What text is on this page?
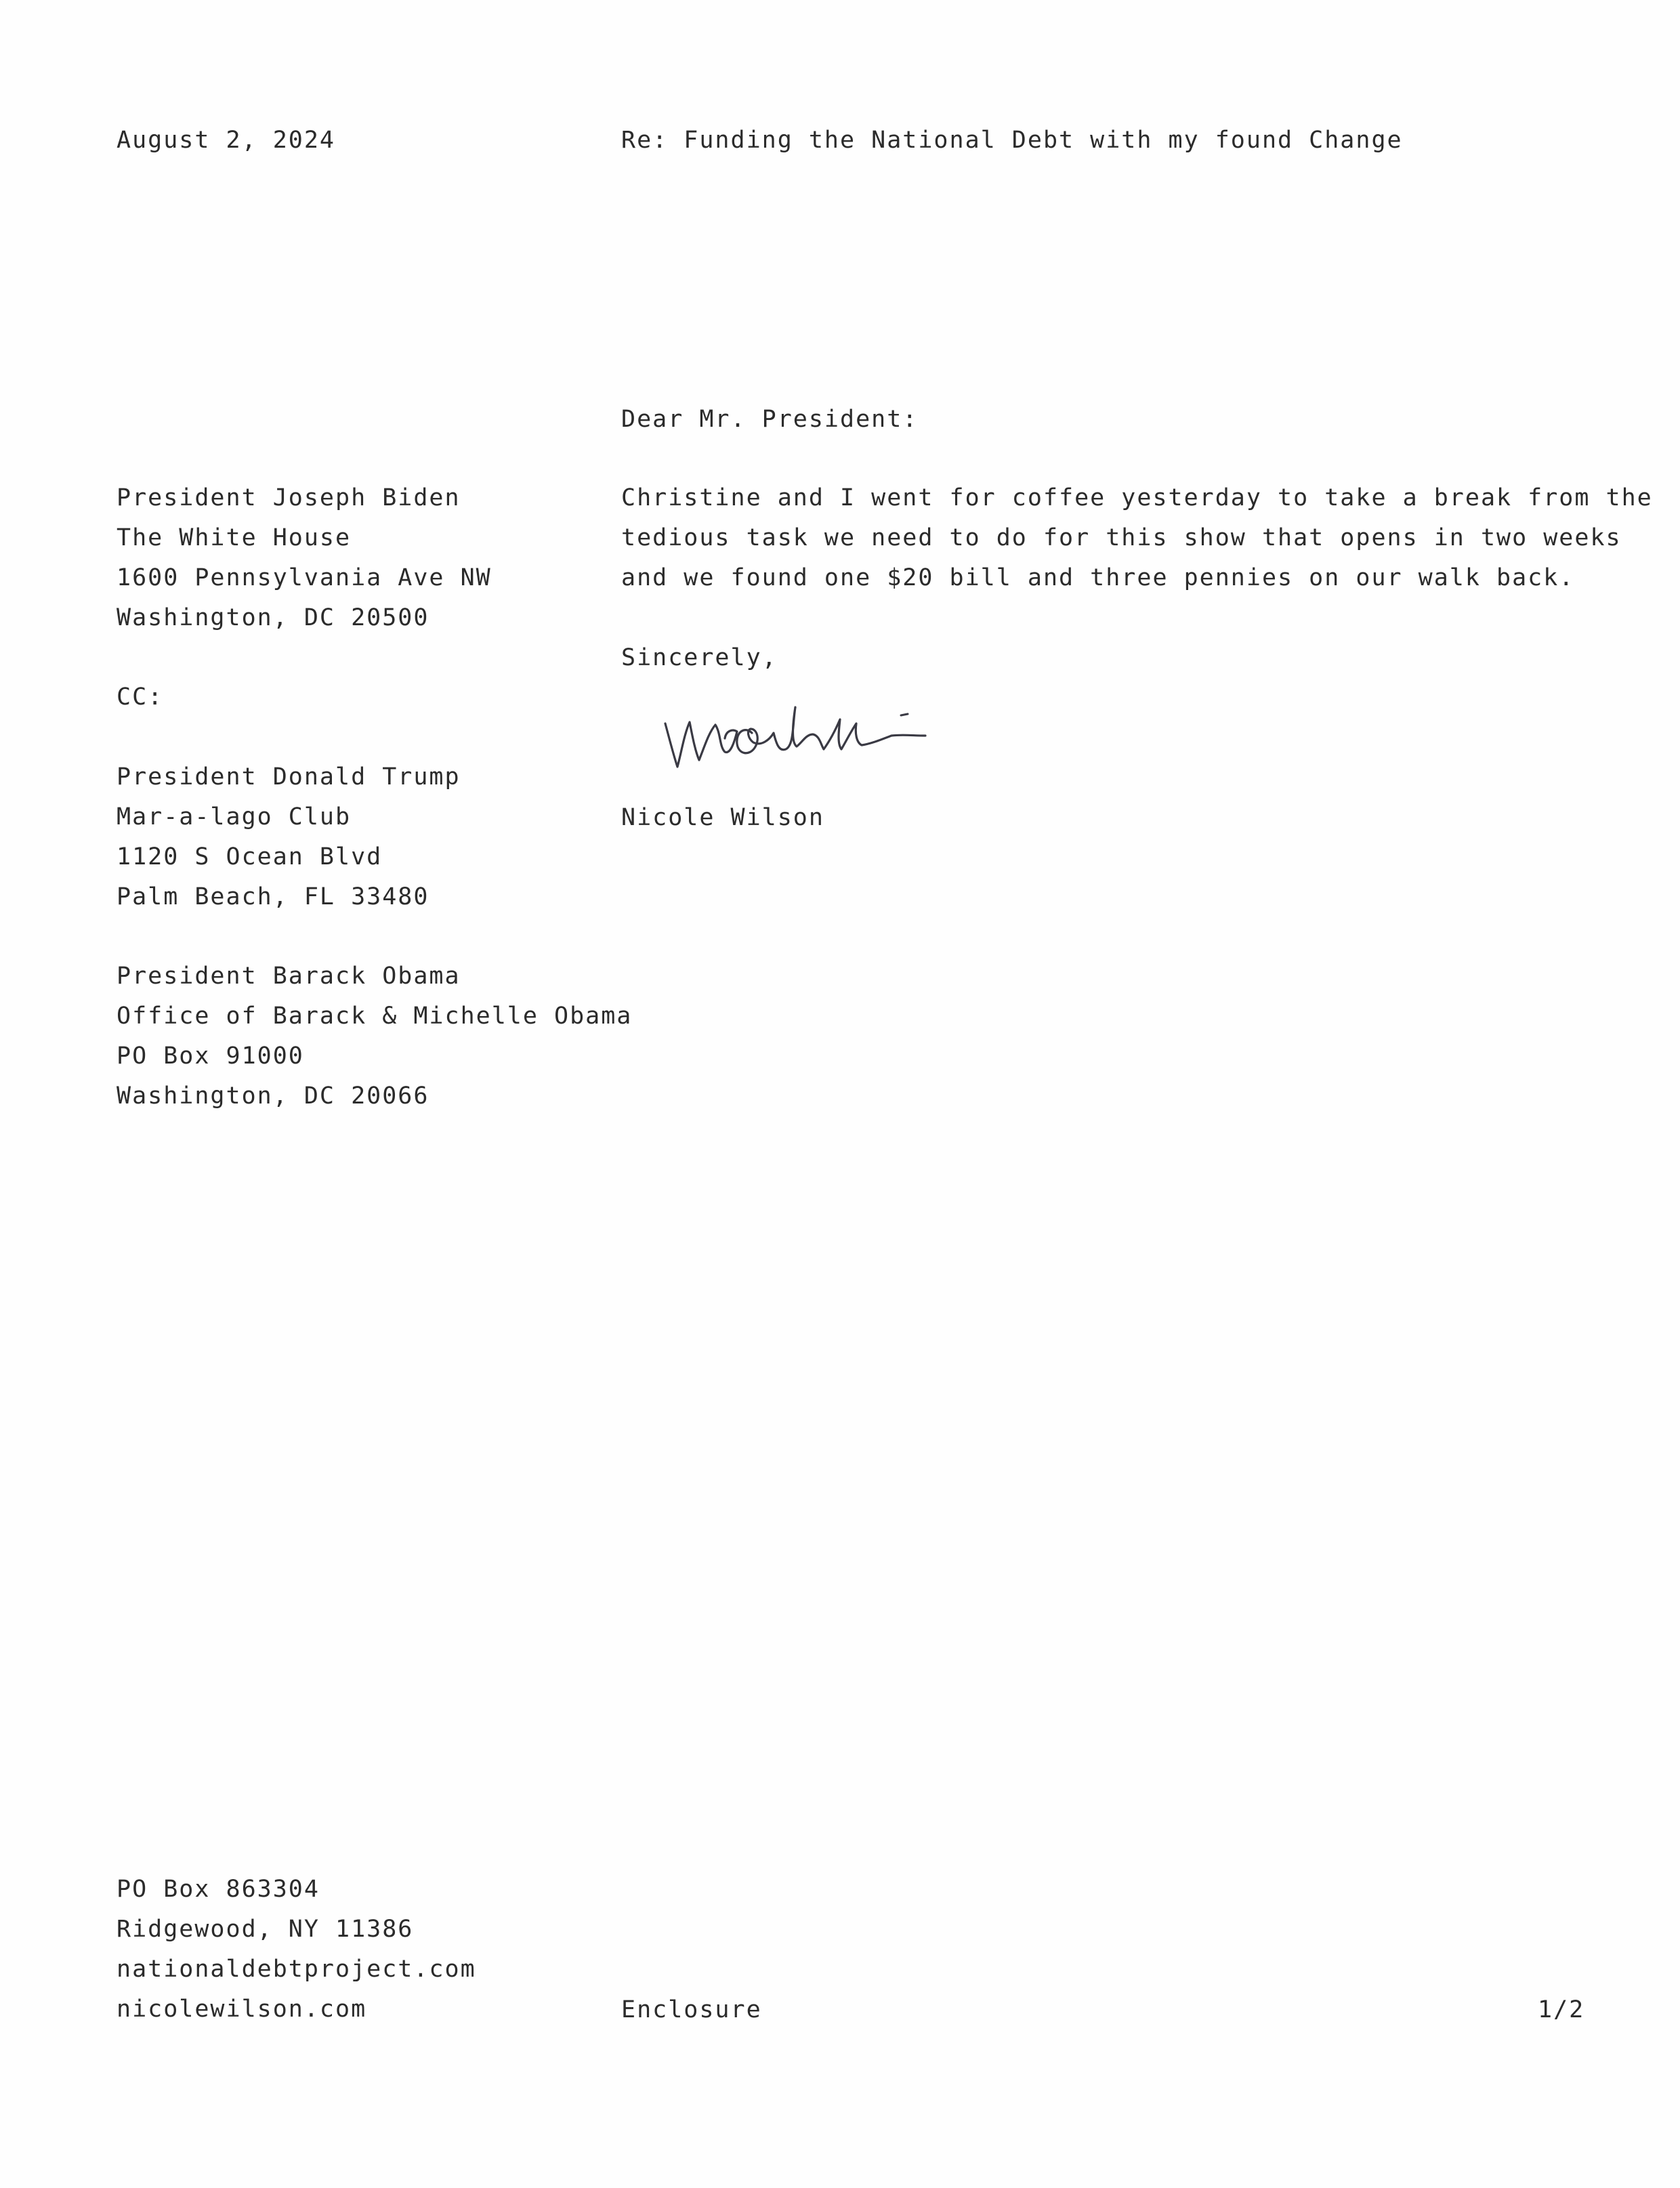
August 2, 2024	Re: Funding the National Debt with my found Change
Dear Mr. President:
President Joseph Biden
The White House
1600 Pennsylvania Ave NW
Washington, DC 20500
Christine and I went for coffee yesterday to take a break from the
tedious task we need to do for this show that opens in two weeks
and we found one $20 bill and three pennies on our walk back.
Sincerely,
Nicole Wilson
CC:
President Donald Trump
Mar-a-lago Club
1120 S Ocean Blvd
Palm Beach, FL 33480
President Barack Obama
Office of Barack & Michelle Obama
PO Box 91000
Washington, DC 20066
PO Box 863304
Ridgewood, NY 11386
nationaldebtproject.com
nicolewilson.com	Enclosure	1/2
